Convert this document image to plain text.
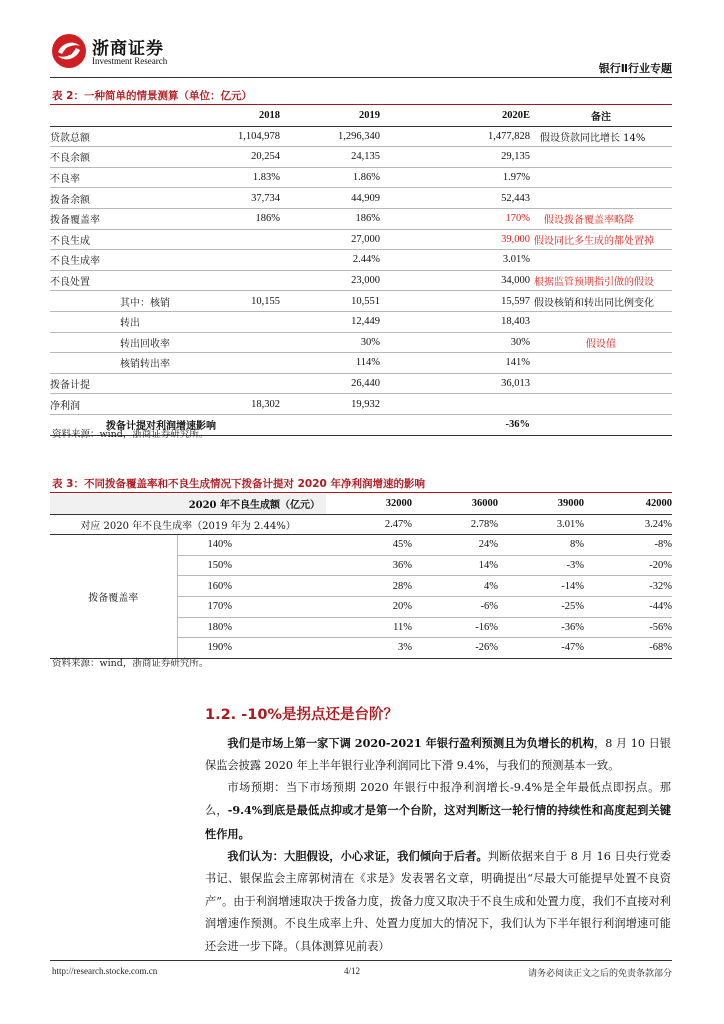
浙商证券
Investment Research
银行Ⅱ行业专题
表 2：一种简单的情景测算（单位：亿元）
	2018	2019	2020E	备注
贷款总额	1,104,978	1,296,340	1,477,828	假设贷款同比增长 14%
不良余额	20,254	24,135	29,135	
不良率	1.83%	1.86%	1.97%	
拨备余额	37,734	44,909	52,443	
拨备覆盖率	186%	186%	170%	假设拨备覆盖率略降
不良生成		27,000	39,000	假设同比多生成的都处置掉
不良生成率		2.44%	3.01%	
不良处置		23,000	34,000	根据监管预期指引做的假设
其中：核销	10,155	10,551	15,597	假设核销和转出同比例变化
转出		12,449	18,403	
转出回收率		30%	30%	假设值
核销转出率		114%	141%	
拨备计提		26,440	36,013	
净利润	18,302	19,932		
拨备计提对利润增速影响			-36%	
资料来源：wind，浙商证券研究所。
表 3：不同拨备覆盖率和不良生成情况下拨备计提对 2020 年净利润增速的影响
2020 年不良生成额（亿元）		32000	36000	39000	42000
对应 2020 年不良生成率（2019 年为 2.44%）		2.47%	2.78%	3.01%	3.24%
拨备覆盖率	140%	45%	24%	8%	-8%
	150%	36%	14%	-3%	-20%
	160%	28%	4%	-14%	-32%
	170%	20%	-6%	-25%	-44%
	180%	11%	-16%	-36%	-56%
	190%	3%	-26%	-47%	-68%
资料来源：wind，浙商证券研究所。
1.2. -10%是拐点还是台阶？
我们是市场上第一家下调 2020-2021 年银行盈利预测且为负增长的机构，8 月 10 日银保监会披露 2020 年上半年银行业净利润同比下滑 9.4%，与我们的预测基本一致。
市场预期：当下市场预期 2020 年银行中报净利润增长-9.4%是全年最低点即拐点。那么，-9.4%到底是最低点抑或才是第一个台阶，这对判断这一轮行情的持续性和高度起到关键性作用。
我们认为：大胆假设，小心求证，我们倾向于后者。判断依据来自于 8 月 16 日央行党委书记、银保监会主席郭树清在《求是》发表署名文章，明确提出“尽最大可能提早处置不良资产”。由于利润增速取决于拨备力度，拨备力度又取决于不良生成和处置力度，我们不直接对利润增速作预测。不良生成率上升、处置力度加大的情况下，我们认为下半年银行利润增速可能还会进一步下降。（具体测算见前表）
http://research.stocke.com.cn	4/12	请务必阅读正文之后的免责条款部分
